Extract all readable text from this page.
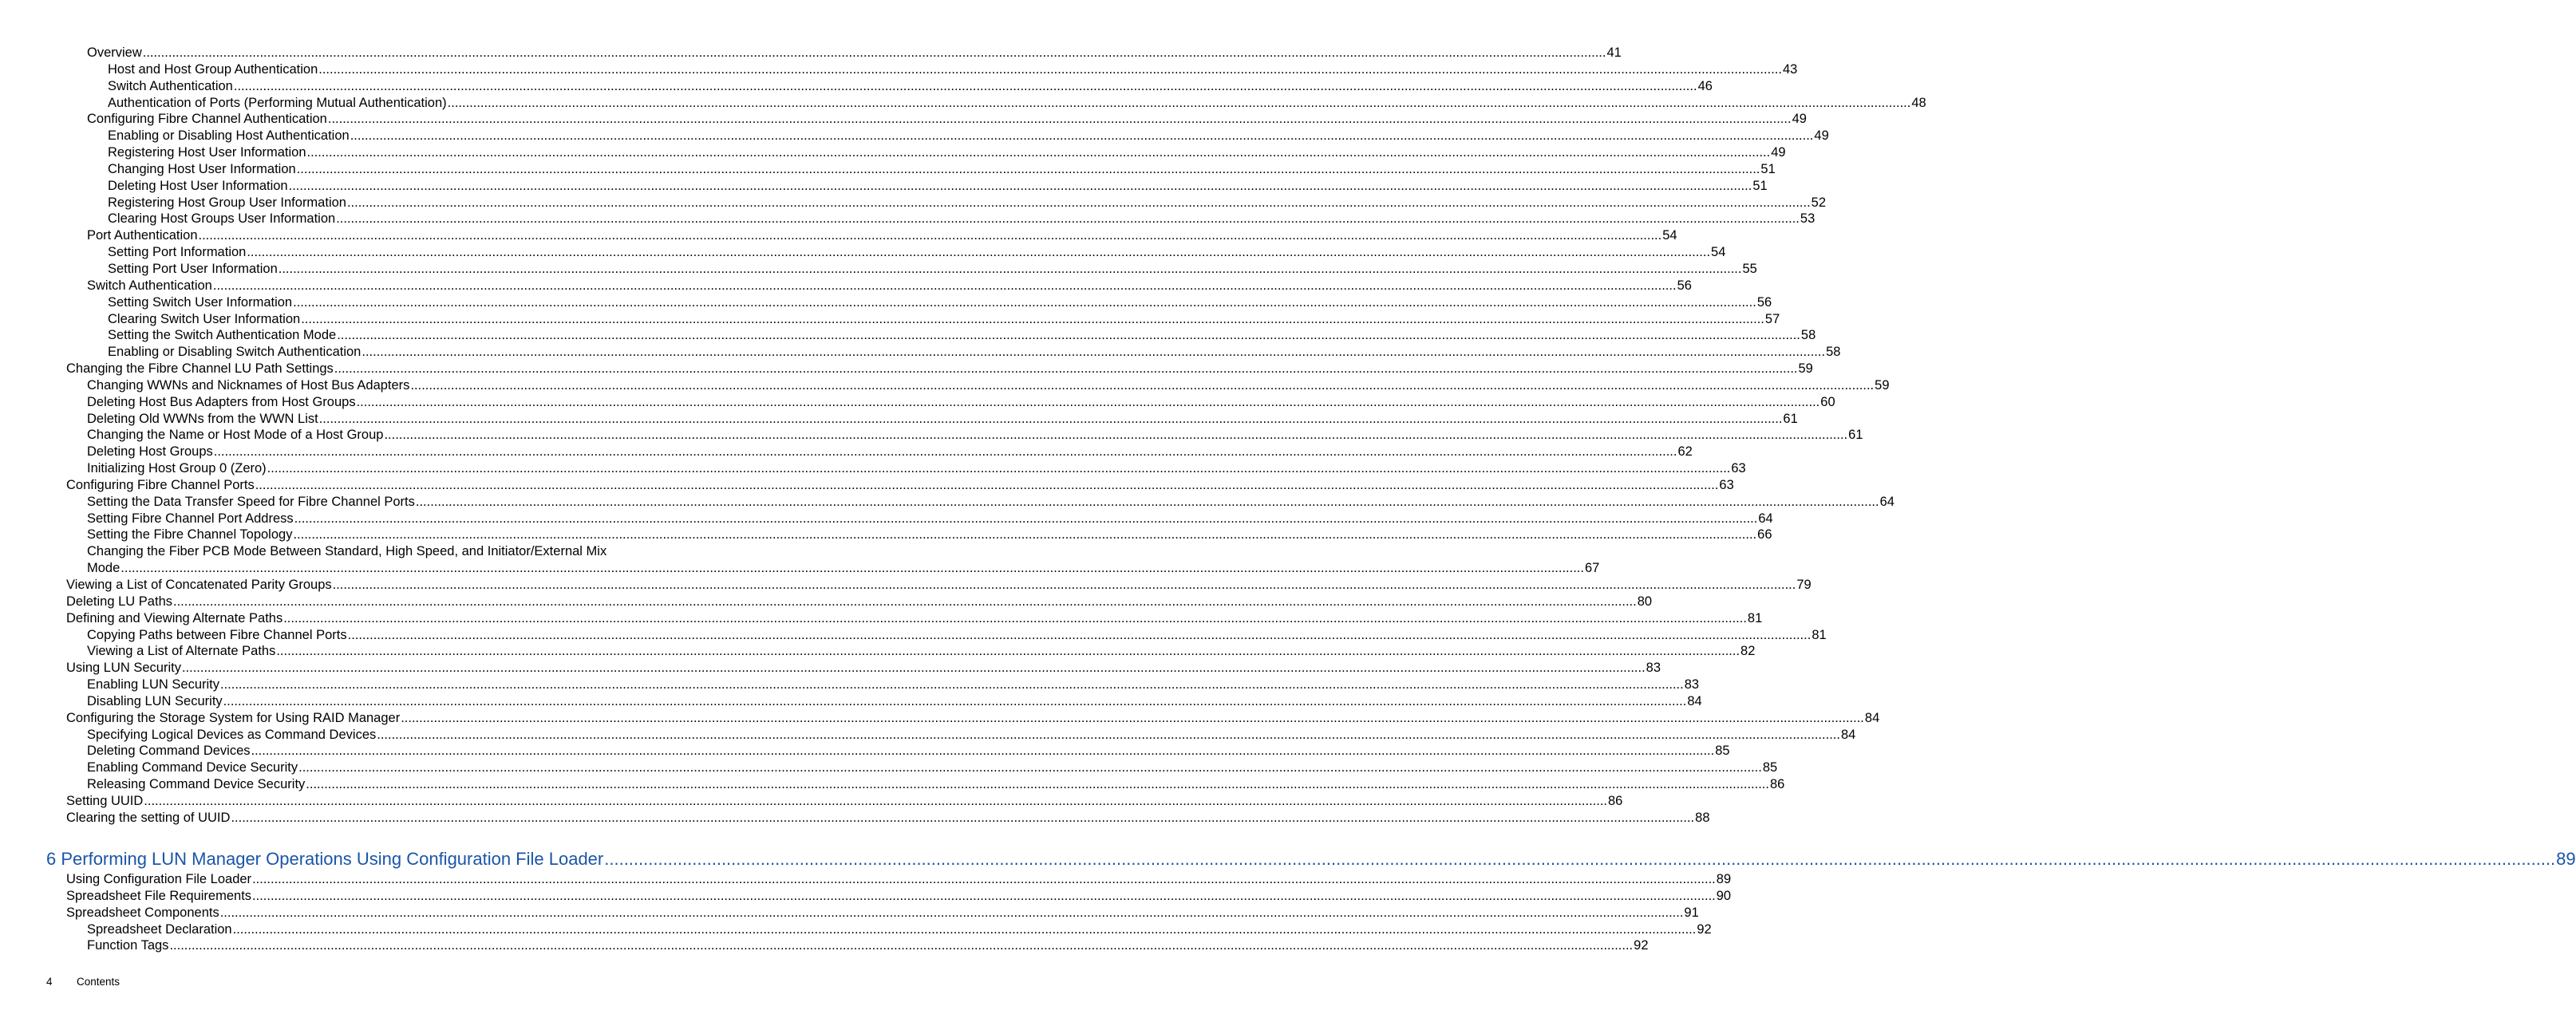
Overview ................................................................................................................................................................................................................................................................................................................................................................................................................ 41
Host and Host Group Authentication ................................................................................................................................................................................................................................................................................................................................................................................................................ 43
Switch Authentication ................................................................................................................................................................................................................................................................................................................................................................................................................ 46
Authentication of Ports (Performing Mutual Authentication) ................................................................................................................................................................................................................................................................................................................................................................................................................ 48
Configuring Fibre Channel Authentication ................................................................................................................................................................................................................................................................................................................................................................................................................ 49
Enabling or Disabling Host Authentication ................................................................................................................................................................................................................................................................................................................................................................................................................ 49
Registering Host User Information ................................................................................................................................................................................................................................................................................................................................................................................................................ 49
Changing Host User Information ................................................................................................................................................................................................................................................................................................................................................................................................................ 51
Deleting Host User Information ................................................................................................................................................................................................................................................................................................................................................................................................................ 51
Registering Host Group User Information ................................................................................................................................................................................................................................................................................................................................................................................................................ 52
Clearing Host Groups User Information ................................................................................................................................................................................................................................................................................................................................................................................................................ 53
Port Authentication ................................................................................................................................................................................................................................................................................................................................................................................................................ 54
Setting Port Information ................................................................................................................................................................................................................................................................................................................................................................................................................ 54
Setting Port User Information ................................................................................................................................................................................................................................................................................................................................................................................................................ 55
Switch Authentication ................................................................................................................................................................................................................................................................................................................................................................................................................ 56
Setting Switch User Information ................................................................................................................................................................................................................................................................................................................................................................................................................ 56
Clearing Switch User Information ................................................................................................................................................................................................................................................................................................................................................................................................................ 57
Setting the Switch Authentication Mode ................................................................................................................................................................................................................................................................................................................................................................................................................ 58
Enabling or Disabling Switch Authentication ................................................................................................................................................................................................................................................................................................................................................................................................................ 58
Changing the Fibre Channel LU Path Settings ................................................................................................................................................................................................................................................................................................................................................................................................................ 59
Changing WWNs and Nicknames of Host Bus Adapters ................................................................................................................................................................................................................................................................................................................................................................................................................ 59
Deleting Host Bus Adapters from Host Groups ................................................................................................................................................................................................................................................................................................................................................................................................................ 60
Deleting Old WWNs from the WWN List ................................................................................................................................................................................................................................................................................................................................................................................................................ 61
Changing the Name or Host Mode of a Host Group ................................................................................................................................................................................................................................................................................................................................................................................................................ 61
Deleting Host Groups ................................................................................................................................................................................................................................................................................................................................................................................................................ 62
Initializing Host Group 0 (Zero) ................................................................................................................................................................................................................................................................................................................................................................................................................ 63
Configuring Fibre Channel Ports ................................................................................................................................................................................................................................................................................................................................................................................................................ 63
Setting the Data Transfer Speed for Fibre Channel Ports ................................................................................................................................................................................................................................................................................................................................................................................................................ 64
Setting Fibre Channel Port Address ................................................................................................................................................................................................................................................................................................................................................................................................................ 64
Setting the Fibre Channel Topology ................................................................................................................................................................................................................................................................................................................................................................................................................ 66
Changing the Fiber PCB Mode Between Standard, High Speed, and Initiator/External Mix
Mode ................................................................................................................................................................................................................................................................................................................................................................................................................ 67
Viewing a List of Concatenated Parity Groups ................................................................................................................................................................................................................................................................................................................................................................................................................ 79
Deleting LU Paths ................................................................................................................................................................................................................................................................................................................................................................................................................ 80
Defining and Viewing Alternate Paths ................................................................................................................................................................................................................................................................................................................................................................................................................ 81
Copying Paths between Fibre Channel Ports ................................................................................................................................................................................................................................................................................................................................................................................................................ 81
Viewing a List of Alternate Paths ................................................................................................................................................................................................................................................................................................................................................................................................................ 82
Using LUN Security ................................................................................................................................................................................................................................................................................................................................................................................................................ 83
Enabling LUN Security ................................................................................................................................................................................................................................................................................................................................................................................................................ 83
Disabling LUN Security ................................................................................................................................................................................................................................................................................................................................................................................................................ 84
Configuring the Storage System for Using RAID Manager ................................................................................................................................................................................................................................................................................................................................................................................................................ 84
Specifying Logical Devices as Command Devices ................................................................................................................................................................................................................................................................................................................................................................................................................ 84
Deleting Command Devices ................................................................................................................................................................................................................................................................................................................................................................................................................ 85
Enabling Command Device Security ................................................................................................................................................................................................................................................................................................................................................................................................................ 85
Releasing Command Device Security ................................................................................................................................................................................................................................................................................................................................................................................................................ 86
Setting UUID ................................................................................................................................................................................................................................................................................................................................................................................................................ 86
Clearing the setting of UUID ................................................................................................................................................................................................................................................................................................................................................................................................................ 88
6 Performing LUN Manager Operations Using Configuration File Loader ................................................................................................................................................................................................................................................................................................................................................................................................................ 89
Using Configuration File Loader ................................................................................................................................................................................................................................................................................................................................................................................................................ 89
Spreadsheet File Requirements ................................................................................................................................................................................................................................................................................................................................................................................................................ 90
Spreadsheet Components ................................................................................................................................................................................................................................................................................................................................................................................................................ 91
Spreadsheet Declaration ................................................................................................................................................................................................................................................................................................................................................................................................................ 92
Function Tags ................................................................................................................................................................................................................................................................................................................................................................................................................ 92
4 Contents
